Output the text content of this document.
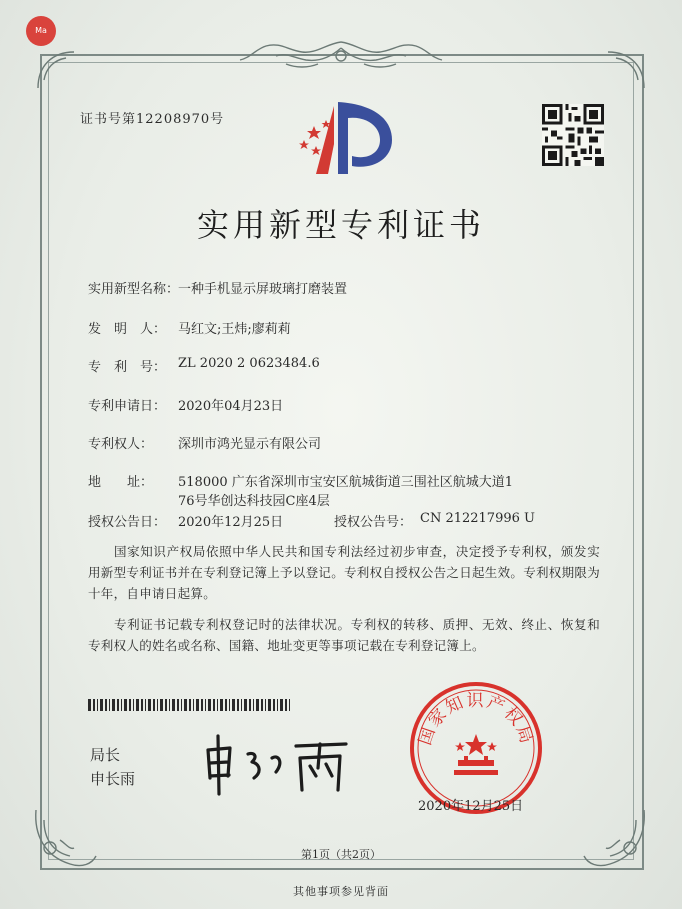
Ma
证书号第12208970号
实用新型专利证书
实用新型名称：
一种手机显示屏玻璃打磨装置
发　明　人： 马红文;王炜;廖莉莉
专　利　号： ZL 2020 2 0623484.6
专利申请日： 2020年04月23日
专利权人： 深圳市鸿光显示有限公司
地　　址： 518000 广东省深圳市宝安区航城街道三围社区航城大道1
76号华创达科技园C座4层
授权公告日： 2020年12月25日	授权公告号： CN 212217996 U
国家知识产权局依照中华人民共和国专利法经过初步审查，决定授予专利权，颁发实用新型专利证书并在专利登记簿上予以登记。专利权自授权公告之日起生效。专利权期限为十年，自申请日起算。
专利证书记载专利权登记时的法律状况。专利权的转移、质押、无效、终止、恢复和专利权人的姓名或名称、国籍、地址变更等事项记载在专利登记簿上。
局长
申长雨
国家知识产权局
2020年12月25日
第1页（共2页）
其他事项参见背面
